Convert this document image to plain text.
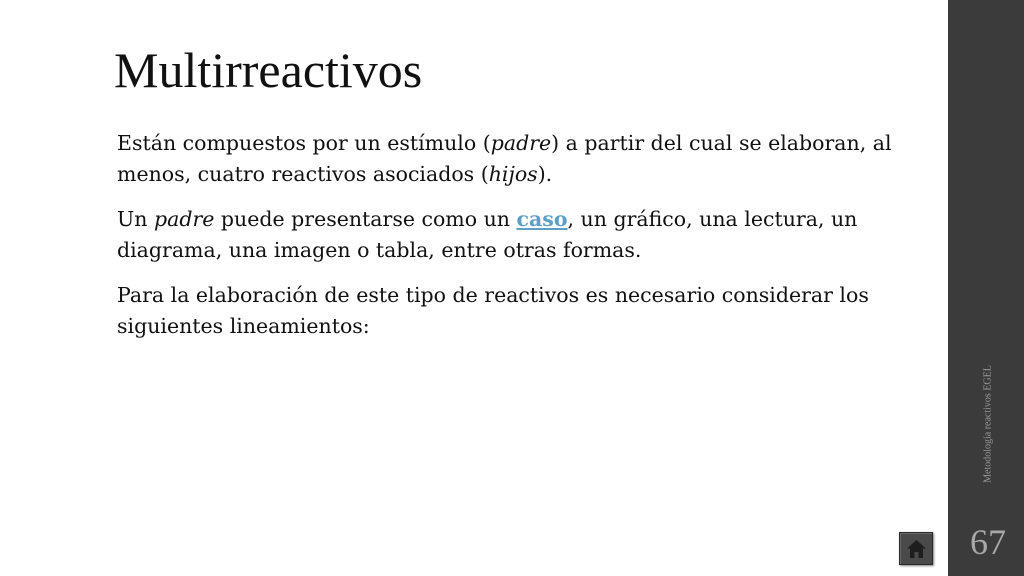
Multirreactivos

Están compuestos por un estímulo (padre) a partir del cual se elaboran, al menos, cuatro reactivos asociados (hijos).

Un padre puede presentarse como un caso, un gráfico, una lectura, un diagrama, una imagen o tabla, entre otras formas.

Para la elaboración de este tipo de reactivos es necesario considerar los siguientes lineamientos:

Metodología reactivos EGEL
67
